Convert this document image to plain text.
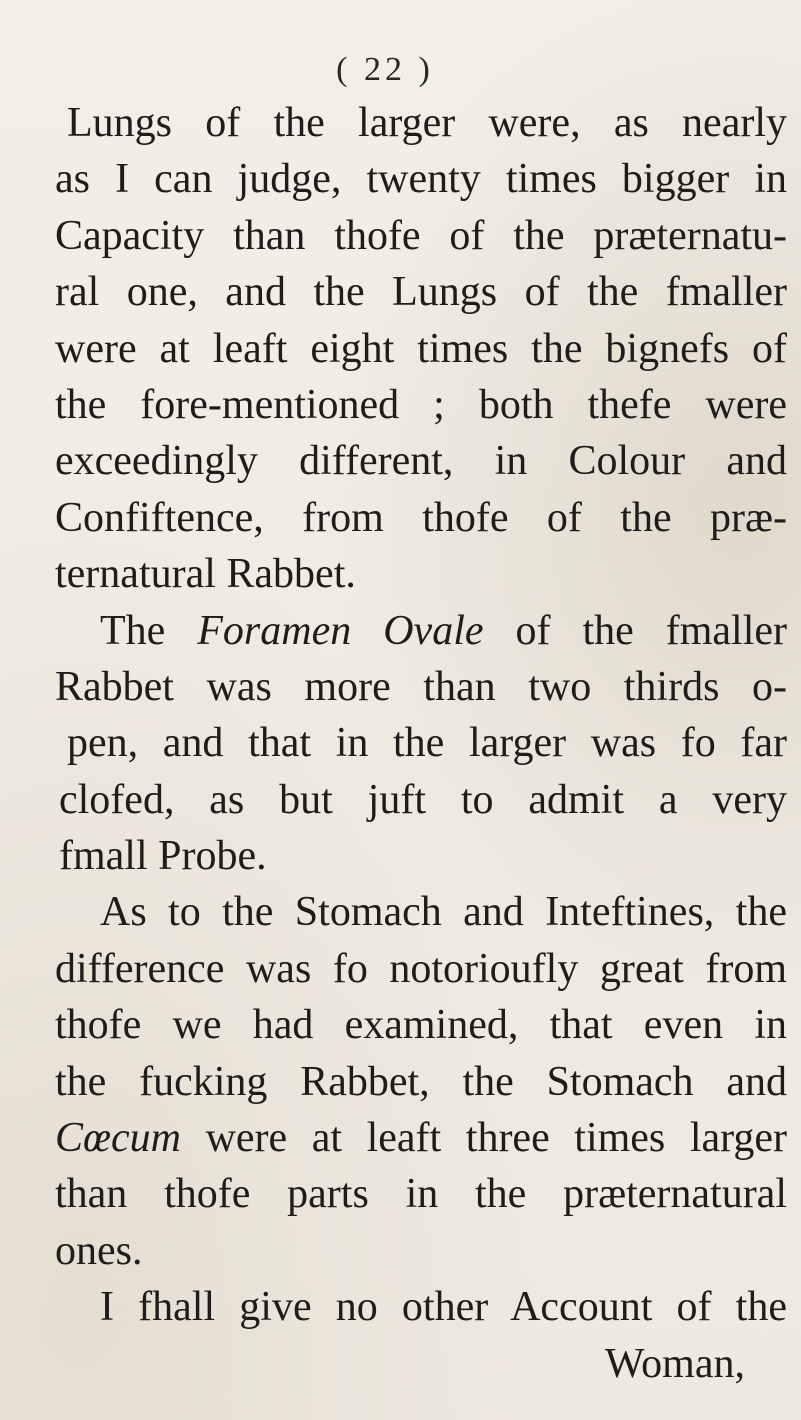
( 22 )
Lungs of the larger were, as nearly
as I can judge, twenty times bigger in
Capacity than thofe of the præternatu-
ral one, and the Lungs of the fmaller
were at leaft eight times the bignefs of
the fore-mentioned ; both thefe were
exceedingly different, in Colour and
Confiftence, from thofe of the præ-
ternatural Rabbet.
The Foramen Ovale of the fmaller
Rabbet was more than two thirds o-
pen, and that in the larger was fo far
clofed, as but juft to admit a very
fmall Probe.
As to the Stomach and Inteftines, the
difference was fo notorioufly great from
thofe we had examined, that even in
the fucking Rabbet, the Stomach and
Cœcum were at leaft three times larger
than thofe parts in the præternatural
ones.
I fhall give no other Account of the
Woman,
